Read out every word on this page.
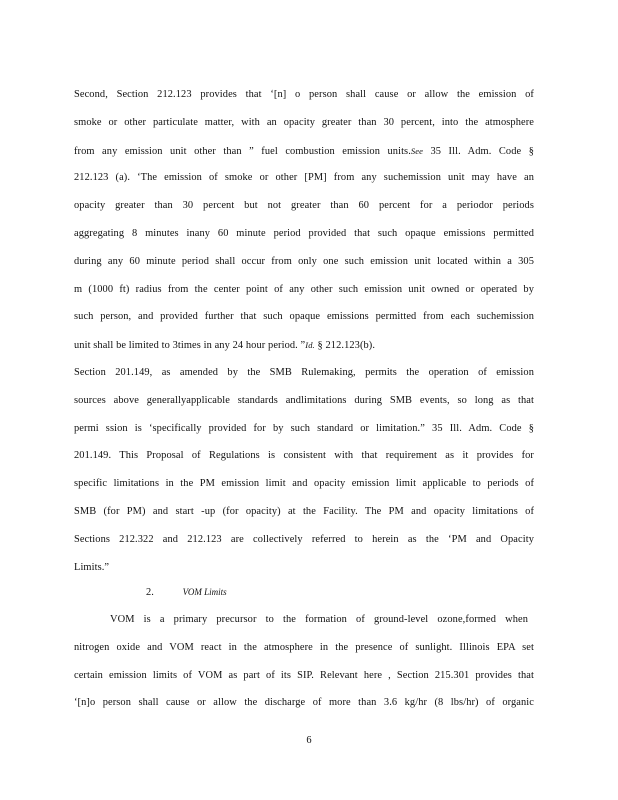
Second, Section 212.123 provides that ‘[n] o person shall cause or allow the emission of
smoke or other particulate matter, with an opacity greater than 30 percent, into the atmosphere
from any emission unit other than ” fuel combustion emission units.See 35 Ill. Adm. Code §
212.123 (a). ‘The emission of smoke or other [PM] from any suchemission unit may have an
opacity greater than 30 percent but not greater than 60 percent for a periodor periods
aggregating 8 minutes inany 60 minute period provided that such opaque emissions permitted
during any 60 minute period shall occur from only one such emission unit located within a 305
m (1000 ft) radius from the center point of any other such emission unit owned or operated by
such person, and provided further that such opaque emissions permitted from each suchemission
unit shall be limited to 3times in any 24 hour period. ”Id. § 212.123(b).
Section 201.149, as amended by the SMB Rulemaking, permits the operation of emission
sources above generallyapplicable standards andlimitations during SMB events, so long as that
permi ssion is ‘specifically provided for by such standard or limitation.” 35 Ill. Adm. Code §
201.149. This Proposal of Regulations is consistent with that requirement as it provides for
specific limitations in the PM emission limit and opacity emission limit applicable to periods of
SMB (for PM) and start -up (for opacity) at the Facility. The PM and opacity limitations of
Sections 212.322 and 212.123 are collectively referred to herein as the ‘PM and Opacity
Limits.”
VOM is a primary precursor to the formation of ground-level ozone,formed when
nitrogen oxide and VOM react in the atmosphere in the presence of sunlight. Illinois EPA set
certain emission limits of VOM as part of its SIP. Relevant here , Section 215.301 provides that
‘[n]o person shall cause or allow the discharge of more than 3.6 kg/hr (8 lbs/hr) of organic
2.	VOM Limits
6
